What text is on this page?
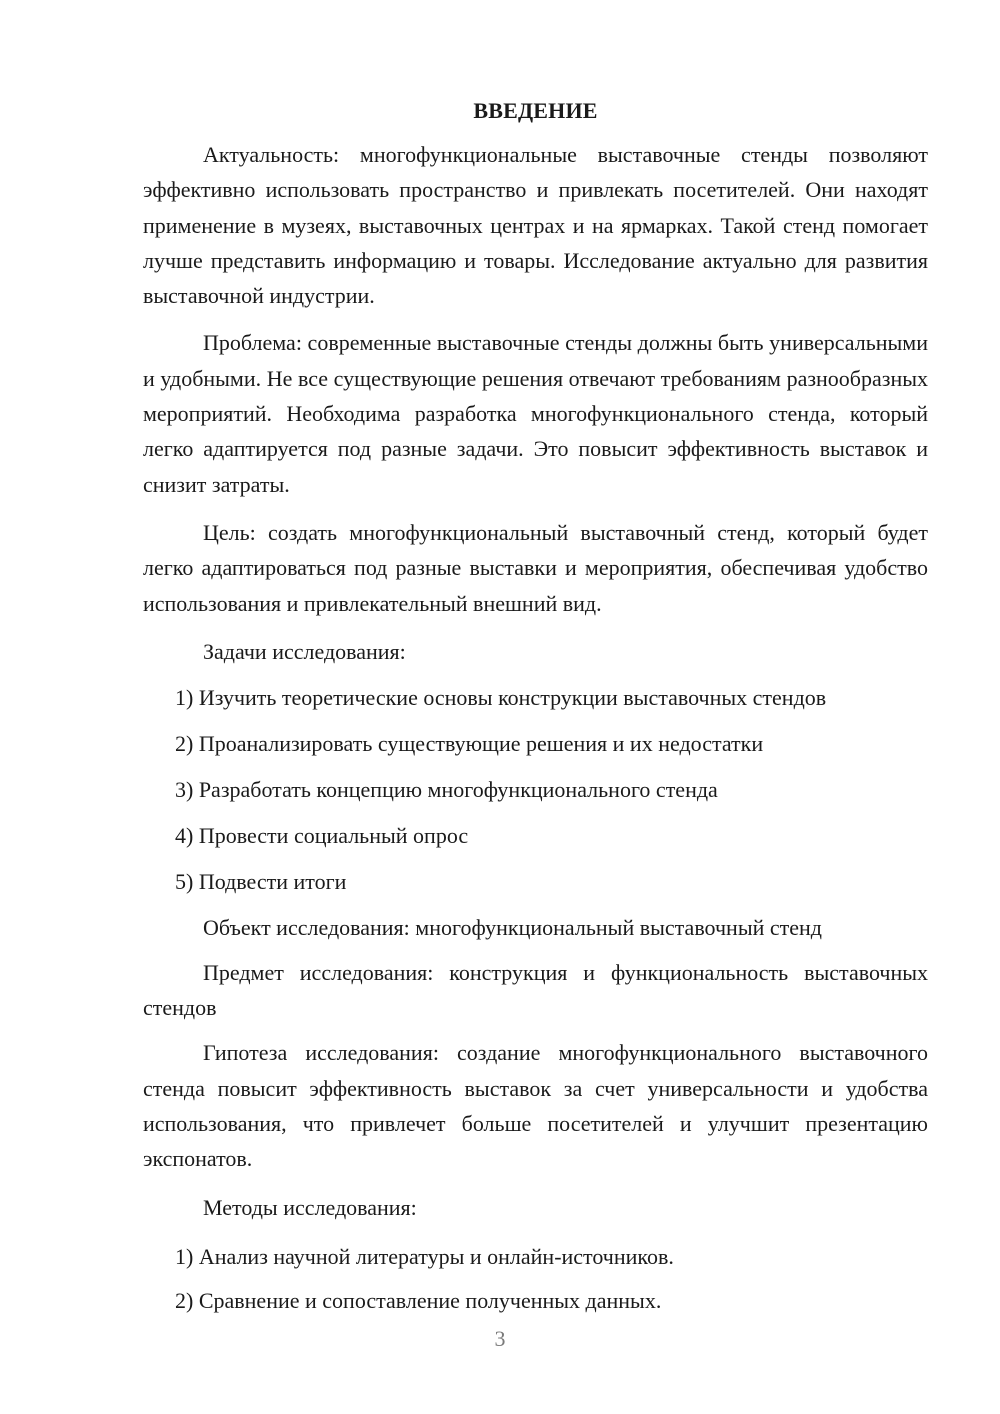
ВВЕДЕНИЕ

Актуальность: многофункциональные выставочные стенды позволяют эффективно использовать пространство и привлекать посетителей. Они находят применение в музеях, выставочных центрах и на ярмарках. Такой стенд помогает лучше представить информацию и товары. Исследование актуально для развития выставочной индустрии.

Проблема: современные выставочные стенды должны быть универсальными и удобными. Не все существующие решения отвечают требованиям разнообразных мероприятий. Необходима разработка многофункционального стенда, который легко адаптируется под разные задачи. Это повысит эффективность выставок и снизит затраты.

Цель: создать многофункциональный выставочный стенд, который будет легко адаптироваться под разные выставки и мероприятия, обеспечивая удобство использования и привлекательный внешний вид.

Задачи исследования:

1) Изучить теоретические основы конструкции выставочных стендов

2) Проанализировать существующие решения и их недостатки

3) Разработать концепцию многофункционального стенда

4) Провести социальный опрос

5) Подвести итоги

Объект исследования: многофункциональный выставочный стенд

Предмет исследования: конструкция и функциональность выставочных стендов

Гипотеза исследования: создание многофункционального выставочного стенда повысит эффективность выставок за счет универсальности и удобства использования, что привлечет больше посетителей и улучшит презентацию экспонатов.

Методы исследования:

1) Анализ научной литературы и онлайн-источников.

2) Сравнение и сопоставление полученных данных.

3
